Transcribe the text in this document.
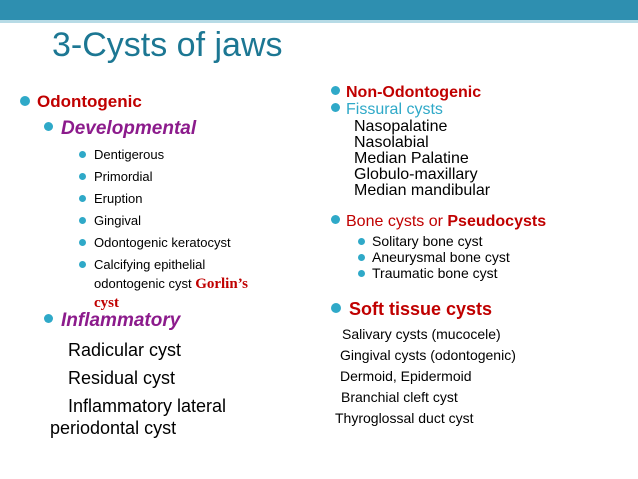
3-Cysts of jaws
Odontogenic
Developmental
Dentigerous
Primordial
Eruption
Gingival
Odontogenic keratocyst
Calcifying epithelial
odontogenic cyst Gorlin’s
cyst
Inflammatory
Radicular cyst
Residual cyst
Inflammatory lateral
periodontal cyst
Non-Odontogenic
Fissural cysts
Nasopalatine
Nasolabial
Median Palatine
Globulo-maxillary
Median mandibular
Bone cysts or Pseudocysts
Solitary bone cyst
Aneurysmal bone cyst
Traumatic bone cyst
Soft tissue cysts
Salivary cysts (mucocele)
Gingival cysts (odontogenic)
Dermoid, Epidermoid
Branchial cleft cyst
Thyroglossal duct cyst
